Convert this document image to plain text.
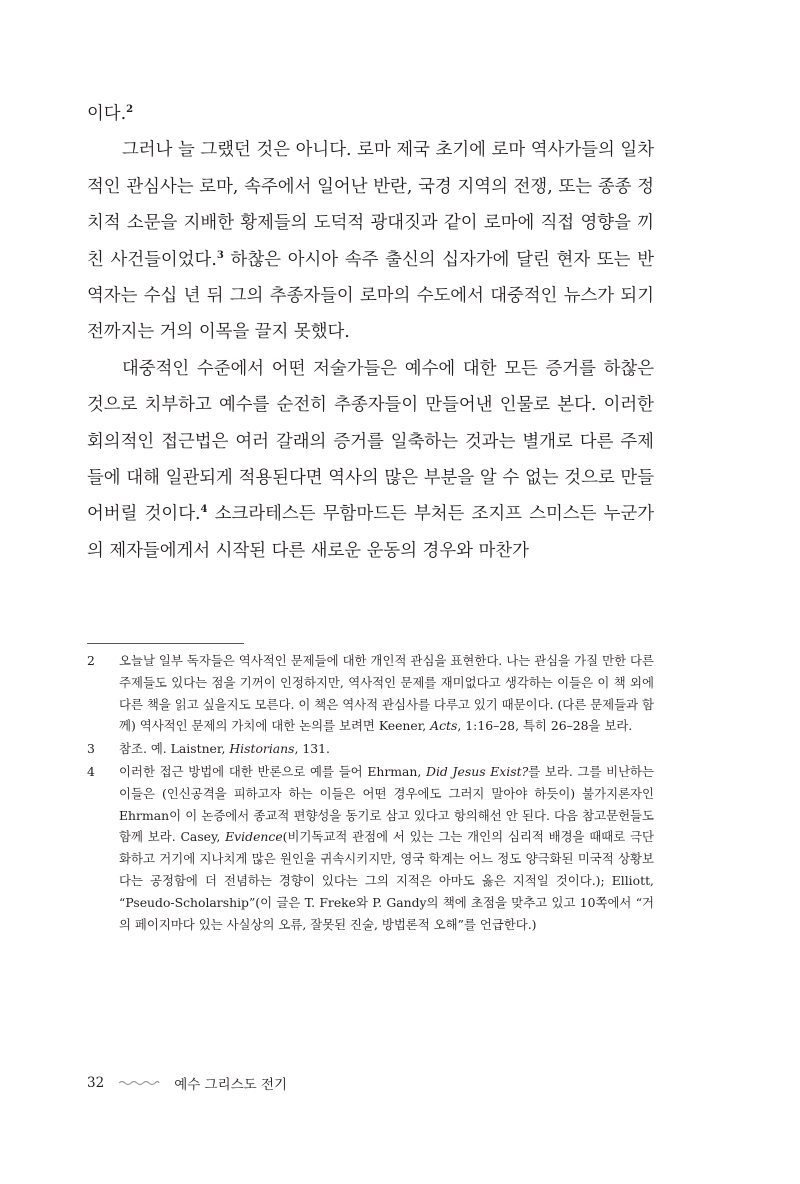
이다.$^2$

그러나 늘 그랬던 것은 아니다. 로마 제국 초기에 로마 역사가들의 일차적인 관심사는 로마, 속주에서 일어난 반란, 국경 지역의 전쟁, 또는 종종 정치적 소문을 지배한 황제들의 도덕적 광대짓과 같이 로마에 직접 영향을 끼친 사건들이었다.$^3$ 하찮은 아시아 속주 출신의 십자가에 달린 현자 또는 반역자는 수십 년 뒤 그의 추종자들이 로마의 수도에서 대중적인 뉴스가 되기 전까지는 거의 이목을 끌지 못했다.

대중적인 수준에서 어떤 저술가들은 예수에 대한 모든 증거를 하찮은 것으로 치부하고 예수를 순전히 추종자들이 만들어낸 인물로 본다. 이러한 회의적인 접근법은 여러 갈래의 증거를 일축하는 것과는 별개로 다른 주제들에 대해 일관되게 적용된다면 역사의 많은 부분을 알 수 없는 것으로 만들어버릴 것이다.$^4$ 소크라테스든 무함마드든 부처든 조지프 스미스든 누군가의 제자들에게서 시작된 다른 새로운 운동의 경우와 마찬가

2	오늘날 일부 독자들은 역사적인 문제들에 대한 개인적 관심을 표현한다. 나는 관심을 가질 만한 다른 주제들도 있다는 점을 기꺼이 인정하지만, 역사적인 문제를 재미없다고 생각하는 이들은 이 책 외에 다른 책을 읽고 싶을지도 모른다. 이 책은 역사적 관심사를 다루고 있기 때문이다. (다른 문제들과 함께) 역사적인 문제의 가치에 대한 논의를 보려면 Keener, Acts, 1:16–28, 특히 26–28을 보라.
3	참조. 예. Laistner, Historians, 131.
4	이러한 접근 방법에 대한 반론으로 예를 들어 Ehrman, Did Jesus Exist?를 보라. 그를 비난하는 이들은 (인신공격을 피하고자 하는 이들은 어떤 경우에도 그러지 말아야 하듯이) 불가지론자인 Ehrman이 이 논증에서 종교적 편향성을 동기로 삼고 있다고 항의해선 안 된다. 다음 참고문헌들도 함께 보라. Casey, Evidence(비기독교적 관점에 서 있는 그는 개인의 심리적 배경을 때때로 극단화하고 거기에 지나치게 많은 원인을 귀속시키지만, 영국 학계는 어느 정도 양극화된 미국적 상황보다는 공정함에 더 전념하는 경향이 있다는 그의 지적은 아마도 옳은 지적일 것이다.); Elliott, “Pseudo-Scholarship”(이 글은 T. Freke와 P. Gandy의 책에 초점을 맞추고 있고 10쪽에서 “거의 페이지마다 있는 사실상의 오류, 잘못된 진술, 방법론적 오해”를 언급한다.)
32	예수 그리스도 전기
